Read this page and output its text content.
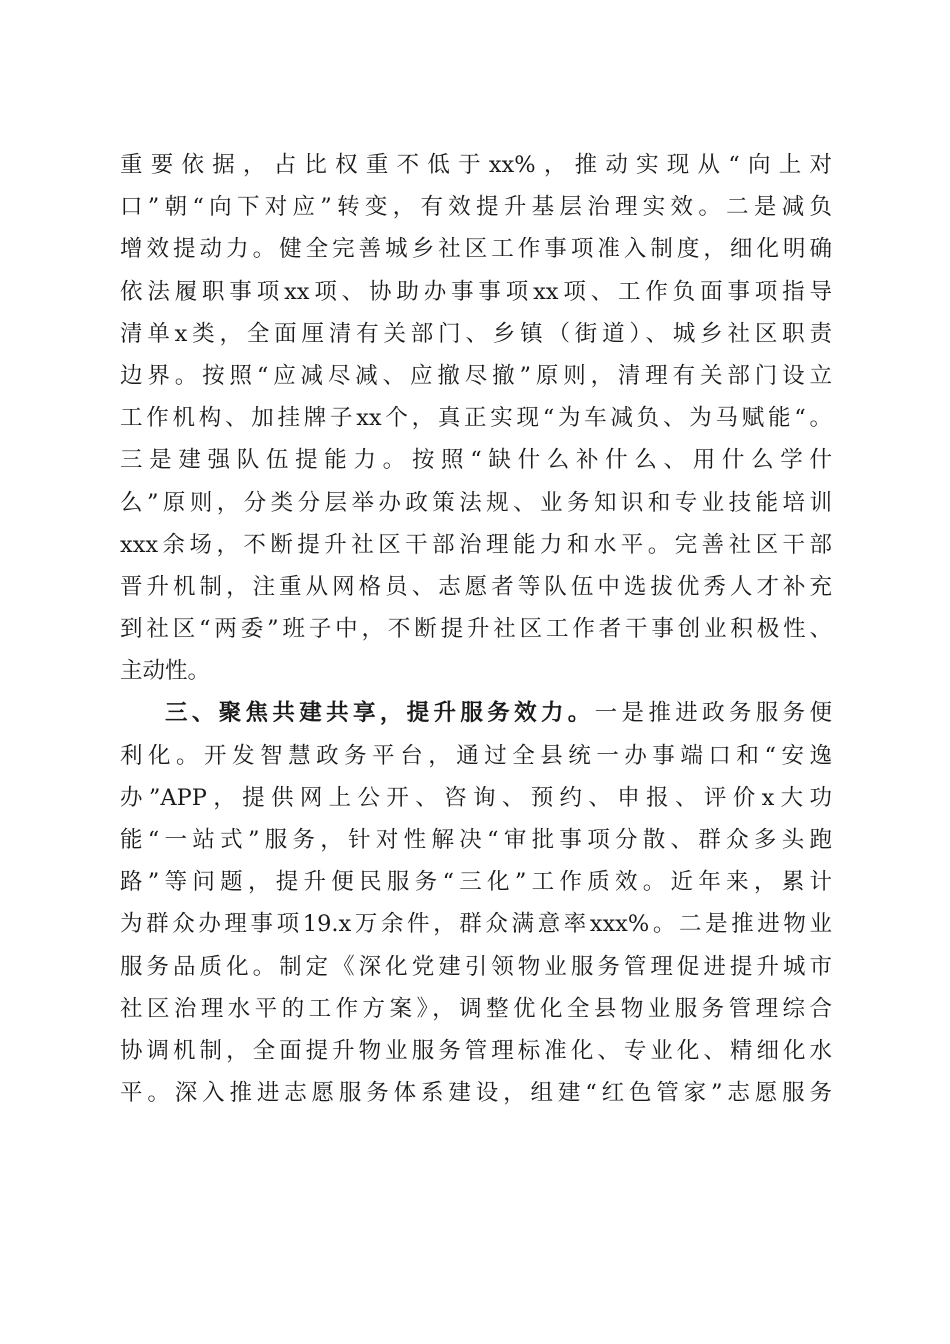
重要依据，占比权重不低于xx%，推动实现从“向上对
口”朝“向下对应”转变，有效提升基层治理实效。二是减负
增效提动力。健全完善城乡社区工作事项准入制度，细化明确
依法履职事项xx项、协助办事事项xx项、工作负面事项指导
清单x类，全面厘清有关部门、乡镇（街道）、城乡社区职责
边界。按照“应减尽减、应撤尽撤”原则，清理有关部门设立
工作机构、加挂牌子xx个，真正实现“为车减负、为马赋能“。
三是建强队伍提能力。按照“缺什么补什么、用什么学什
么”原则，分类分层举办政策法规、业务知识和专业技能培训
xxx余场，不断提升社区干部治理能力和水平。完善社区干部
晋升机制，注重从网格员、志愿者等队伍中选拔优秀人才补充
到社区“两委”班子中，不断提升社区工作者干事创业积极性、
主动性。
三、聚焦共建共享，提升服务效力。一是推进政务服务便
利化。开发智慧政务平台，通过全县统一办事端口和“安逸
办”APP，提供网上公开、咨询、预约、申报、评价x大功
能“一站式”服务，针对性解决“审批事项分散、群众多头跑
路”等问题，提升便民服务“三化”工作质效。近年来，累计
为群众办理事项19.x万余件，群众满意率xxx%。二是推进物业
服务品质化。制定《深化党建引领物业服务管理促进提升城市
社区治理水平的工作方案》，调整优化全县物业服务管理综合
协调机制，全面提升物业服务管理标准化、专业化、精细化水
平。深入推进志愿服务体系建设，组建“红色管家”志愿服务
